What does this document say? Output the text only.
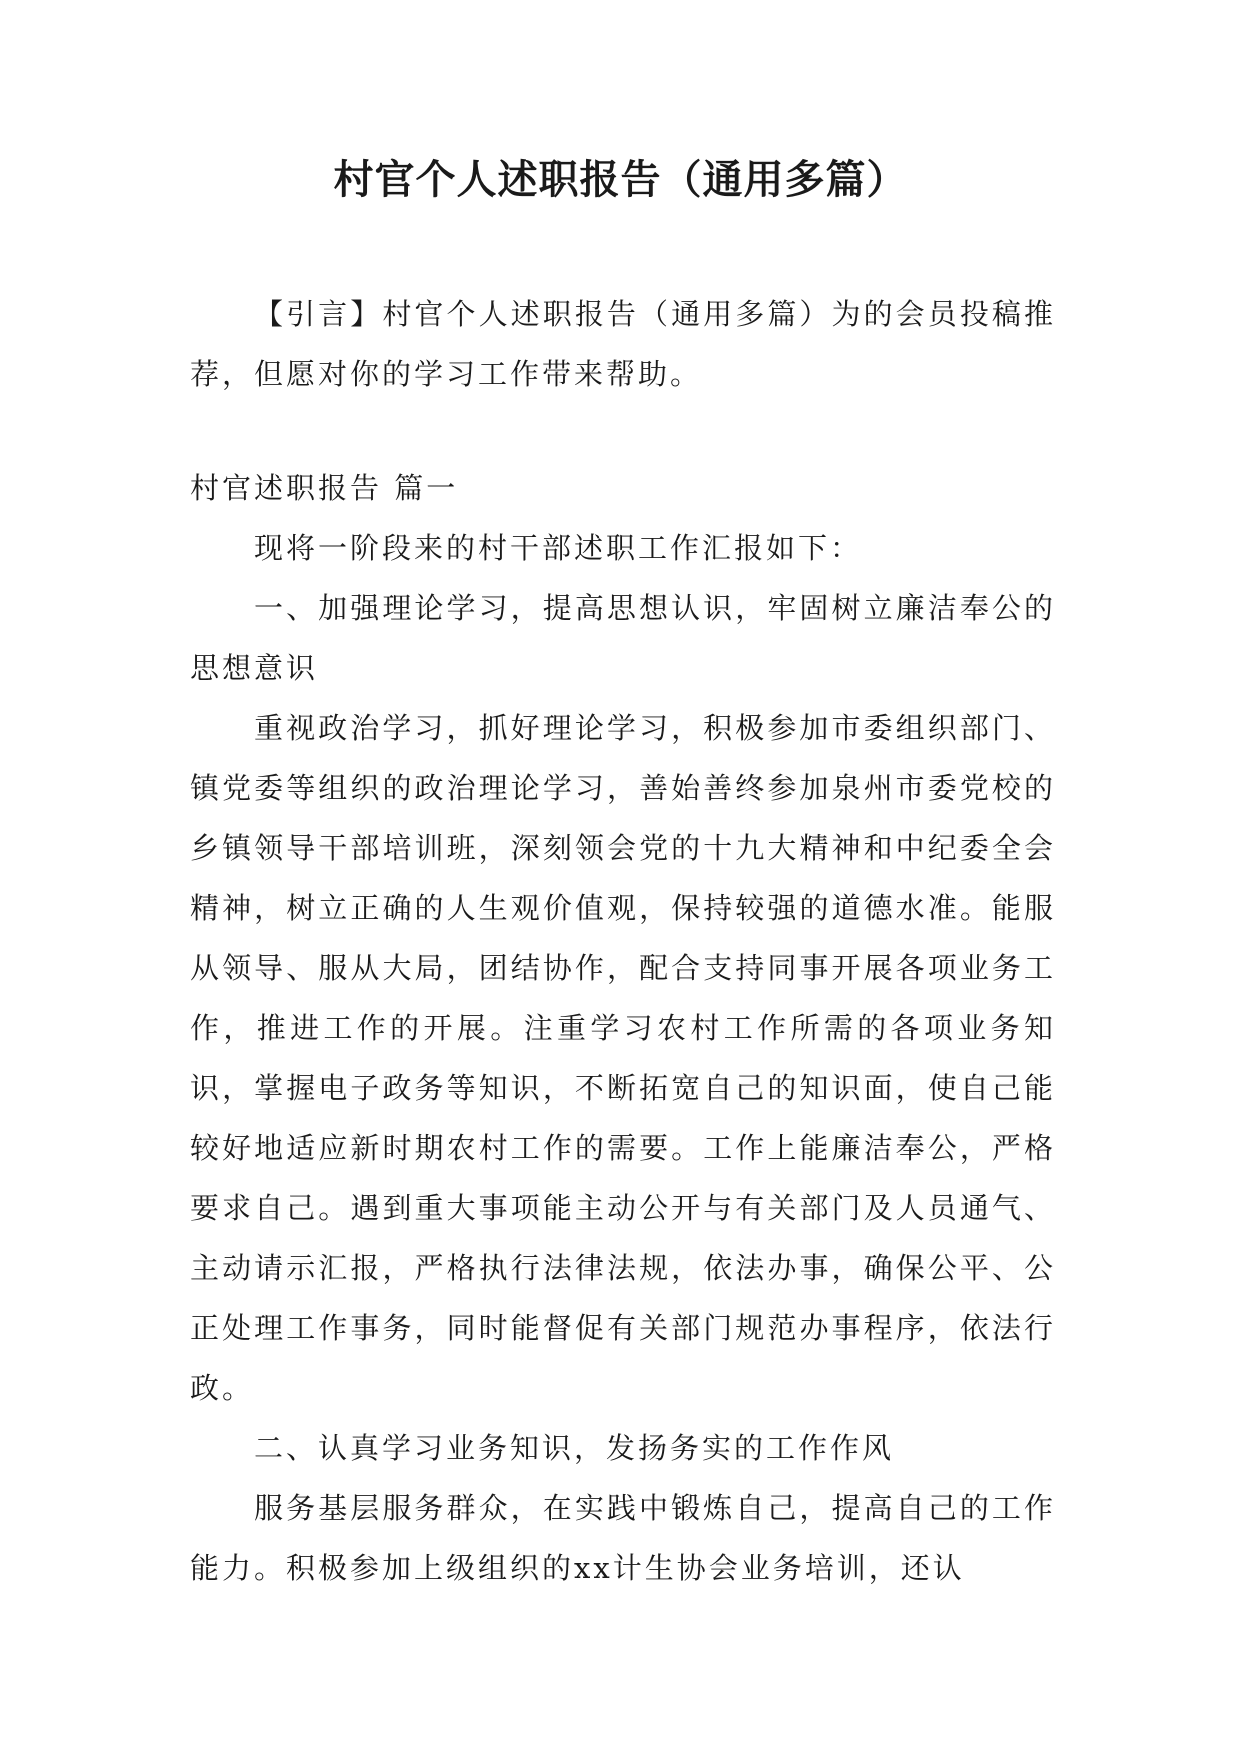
村官个人述职报告（通用多篇）

【引言】村官个人述职报告（通用多篇）为的会员投稿推荐，但愿对你的学习工作带来帮助。

村官述职报告 篇一

现将一阶段来的村干部述职工作汇报如下：

一、加强理论学习，提高思想认识，牢固树立廉洁奉公的思想意识

重视政治学习，抓好理论学习，积极参加市委组织部门、镇党委等组织的政治理论学习，善始善终参加泉州市委党校的乡镇领导干部培训班，深刻领会党的十九大精神和中纪委全会精神，树立正确的人生观价值观，保持较强的道德水准。能服从领导、服从大局，团结协作，配合支持同事开展各项业务工作，推进工作的开展。注重学习农村工作所需的各项业务知识，掌握电子政务等知识，不断拓宽自己的知识面，使自己能较好地适应新时期农村工作的需要。工作上能廉洁奉公，严格要求自己。遇到重大事项能主动公开与有关部门及人员通气、主动请示汇报，严格执行法律法规，依法办事，确保公平、公正处理工作事务，同时能督促有关部门规范办事程序，依法行政。

二、认真学习业务知识，发扬务实的工作作风

服务基层服务群众，在实践中锻炼自己，提高自己的工作能力。积极参加上级组织的xx计生协会业务培训，还认
